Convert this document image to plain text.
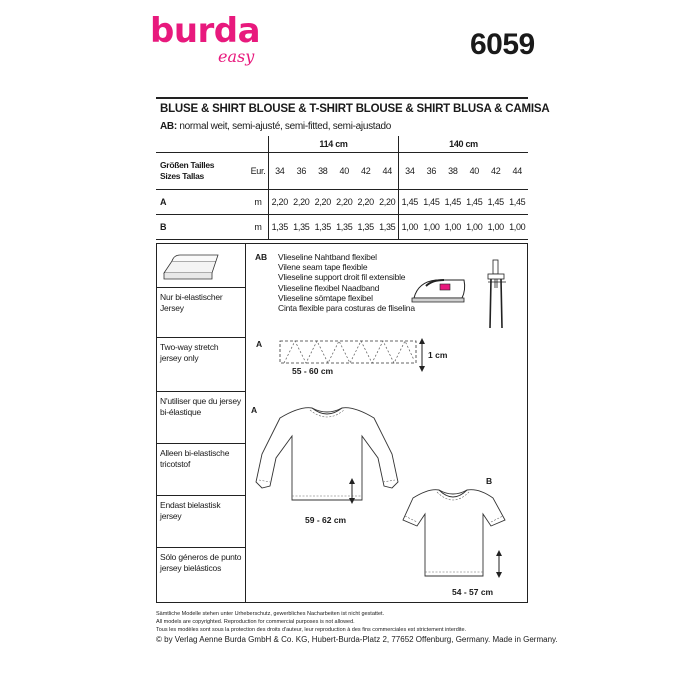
burda
easy	6059
BLUSE & SHIRT BLOUSE & T-SHIRT BLOUSE & SHIRT BLUSA & CAMISA
AB: normal weit, semi-ajusté, semi-fitted, semi-ajustado
		114 cm						140 cm					

Größen Tailles
Sizes Tallas	Eur.	34	36	38	40	42	44	34	36	38	40	42	44
A	m	2,20	2,20	2,20	2,20	2,20	2,20	1,45	1,45	1,45	1,45	1,45	1,45
B	m	1,35	1,35	1,35	1,35	1,35	1,35	1,00	1,00	1,00	1,00	1,00	1,00
Nur bi-elastischer Jersey
Two-way stretch jersey only
N'utiliser que du jersey bi-élastique
Alleen bi-elastische tricotstof
Endast bielastisk jersey
Sólo géneros de punto jersey bielásticos
AB Vlieseline Nahtband flexibel
Vilene seam tape flexible
Vlieseline support droit fil extensible
Vlieseline flexibel Naadband
Vlieseline sömtape flexibel
Cinta flexible para costuras de fliselina
A
1 cm
55 - 60 cm
A
59 - 62 cm
B
54 - 57 cm
Sämtliche Modelle stehen unter Urheberschutz, gewerbliches Nacharbeiten ist nicht gestattet.
All models are copyrighted. Reproduction for commercial purposes is not allowed.
Tous les modèles sont sous la protection des droits d'auteur, leur reproduction à des fins commerciales est strictement interdite.
© by Verlag Aenne Burda GmbH & Co. KG, Hubert-Burda-Platz 2, 77652 Offenburg, Germany. Made in Germany.
